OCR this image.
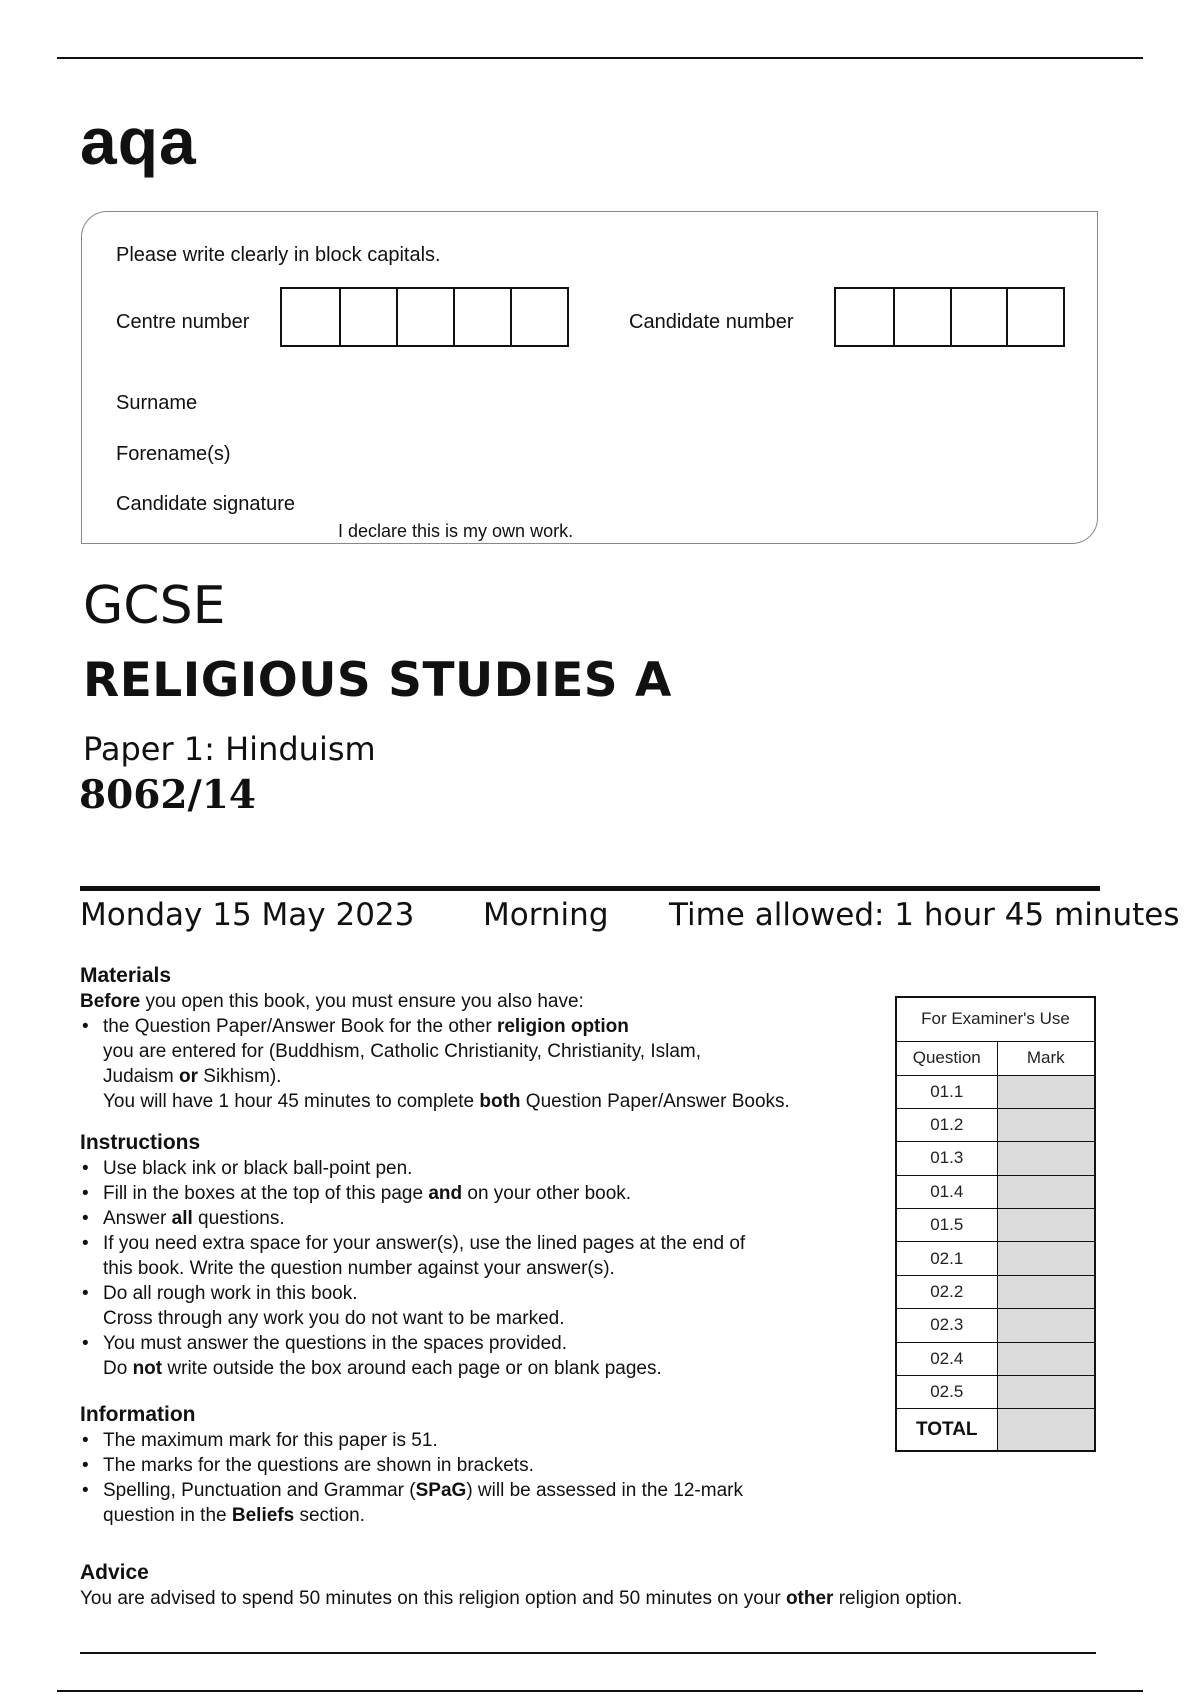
aqa
Please write clearly in block capitals.
Centre number	Candidate number
Surname
Forename(s)
Candidate signature
I declare this is my own work.
GCSE
RELIGIOUS STUDIES A
Paper 1: Hinduism
8062/14
Monday 15 May 2023 Morning Time allowed: 1 hour 45 minutes
Materials
Before you open this book, you must ensure you also have:
• the Question Paper/Answer Book for the other religion option
you are entered for (Buddhism, Catholic Christianity, Christianity, Islam,
Judaism or Sikhism).
You will have 1 hour 45 minutes to complete both Question Paper/Answer Books.
Instructions
• Use black ink or black ball-point pen.
• Fill in the boxes at the top of this page and on your other book.
• Answer all questions.
• If you need extra space for your answer(s), use the lined pages at the end of
this book. Write the question number against your answer(s).
• Do all rough work in this book.
Cross through any work you do not want to be marked.
• You must answer the questions in the spaces provided.
Do not write outside the box around each page or on blank pages.
Information
• The maximum mark for this paper is 51.
• The marks for the questions are shown in brackets.
• Spelling, Punctuation and Grammar (SPaG) will be assessed in the 12-mark
question in the Beliefs section.
Advice
You are advised to spend 50 minutes on this religion option and 50 minutes on your other religion option.
For Examiner's Use	
Question	Mark
01.1	
01.2	
01.3	
01.4	
01.5	
02.1	
02.2	
02.3	
02.4	
02.5	
TOTAL	
